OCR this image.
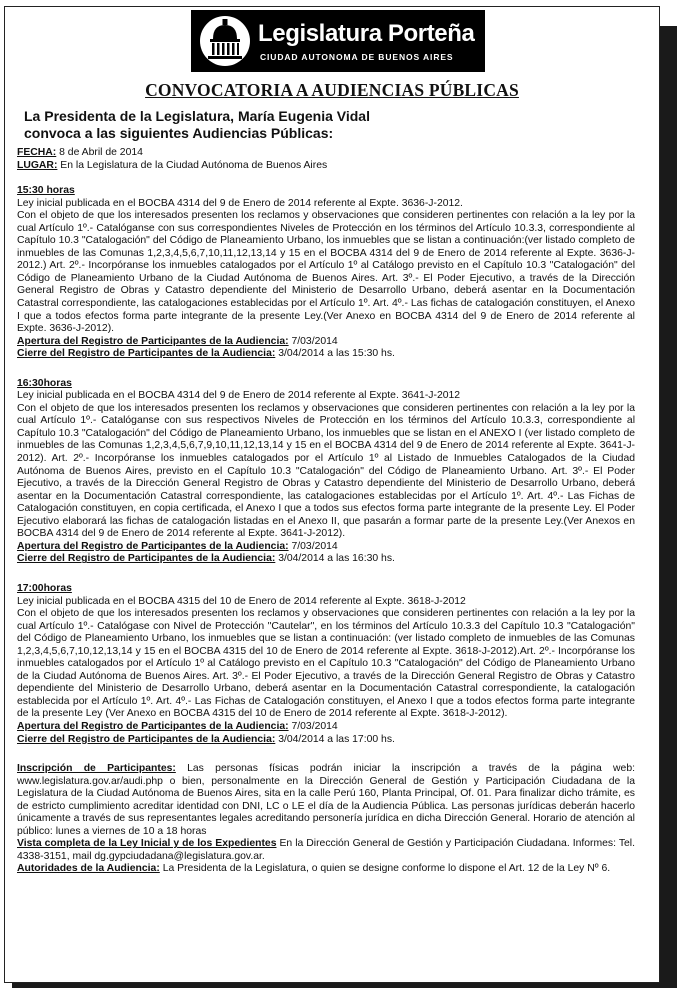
Legislatura Porteña
CIUDAD AUTONOMA DE BUENOS AIRES
CONVOCATORIA A AUDIENCIAS PÚBLICAS
La Presidenta de la Legislatura, María Eugenia Vidal
convoca a las siguientes Audiencias Públicas:

FECHA: 8 de Abril de 2014

LUGAR: En la Legislatura de la Ciudad Autónoma de Buenos Aires

15:30 horas

Ley inicial publicada en el BOCBA 4314 del 9 de Enero de 2014 referente al Expte. 3636-J-2012.

Con el objeto de que los interesados presenten los reclamos y observaciones que consideren pertinentes con relación a la ley por la cual Artículo 1º.- Catalóganse con sus correspondientes Niveles de Protección en los términos del Artículo 10.3.3, correspondiente al Capítulo 10.3 "Catalogación" del Código de Planeamiento Urbano, los inmuebles que se listan a continuación:(ver listado completo de inmuebles de las Comunas 1,2,3,4,5,6,7,10,11,12,13,14 y 15 en el BOCBA 4314 del 9 de Enero de 2014 referente al Expte. 3636-J-2012.) Art. 2º.- Incorpóranse los inmuebles catalogados por el Artículo 1º al Catálogo previsto en el Capítulo 10.3 "Catalogación" del Código de Planeamiento Urbano de la Ciudad Autónoma de Buenos Aires. Art. 3º.- El Poder Ejecutivo, a través de la Dirección General Registro de Obras y Catastro dependiente del Ministerio de Desarrollo Urbano, deberá asentar en la Documentación Catastral correspondiente, las catalogaciones establecidas por el Artículo 1º. Art. 4º.- Las fichas de catalogación constituyen, el Anexo I que a todos efectos forma parte integrante de la presente Ley.(Ver Anexo en BOCBA 4314 del 9 de Enero de 2014 referente al Expte. 3636-J-2012).

Apertura del Registro de Participantes de la Audiencia: 7/03/2014

Cierre del Registro de Participantes de la Audiencia: 3/04/2014 a las 15:30 hs.

16:30horas

Ley inicial publicada en el BOCBA 4314 del 9 de Enero de 2014 referente al Expte. 3641-J-2012

Con el objeto de que los interesados presenten los reclamos y observaciones que consideren pertinentes con relación a la ley por la cual Artículo 1º.- Catalóganse con sus respectivos Niveles de Protección en los términos del Artículo 10.3.3, correspondiente al Capítulo 10.3 "Catalogación" del Código de Planeamiento Urbano, los inmuebles que se listan en el ANEXO I (ver listado completo de inmuebles de las Comunas 1,2,3,4,5,6,7,9,10,11,12,13,14 y 15 en el BOCBA 4314 del 9 de Enero de 2014 referente al Expte. 3641-J-2012). Art. 2º.- Incorpóranse los inmuebles catalogados por el Artículo 1º al Listado de Inmuebles Catalogados de la Ciudad Autónoma de Buenos Aires, previsto en el Capítulo 10.3 "Catalogación" del Código de Planeamiento Urbano. Art. 3º.- El Poder Ejecutivo, a través de la Dirección General Registro de Obras y Catastro dependiente del Ministerio de Desarrollo Urbano, deberá asentar en la Documentación Catastral correspondiente, las catalogaciones establecidas por el Artículo 1º. Art. 4º.- Las Fichas de Catalogación constituyen, en copia certificada, el Anexo I que a todos sus efectos forma parte integrante de la presente Ley. El Poder Ejecutivo elaborará las fichas de catalogación listadas en el Anexo II, que pasarán a formar parte de la presente Ley.(Ver Anexos en BOCBA 4314 del 9 de Enero de 2014 referente al Expte. 3641-J-2012).

Apertura del Registro de Participantes de la Audiencia: 7/03/2014

Cierre del Registro de Participantes de la Audiencia: 3/04/2014 a las 16:30 hs.

17:00horas

Ley inicial publicada en el BOCBA 4315 del 10 de Enero de 2014 referente al Expte. 3618-J-2012

Con el objeto de que los interesados presenten los reclamos y observaciones que consideren pertinentes con relación a la ley por la cual Artículo 1º.- Catalógase con Nivel de Protección "Cautelar", en los términos del Artículo 10.3.3 del Capítulo 10.3 "Catalogación" del Código de Planeamiento Urbano, los inmuebles que se listan a continuación: (ver listado completo de inmuebles de las Comunas 1,2,3,4,5,6,7,10,12,13,14 y 15 en el BOCBA 4315 del 10 de Enero de 2014 referente al Expte. 3618-J-2012).Art. 2º.- Incorpóranse los inmuebles catalogados por el Artículo 1º al Catálogo previsto en el Capítulo 10.3 "Catalogación" del Código de Planeamiento Urbano de la Ciudad Autónoma de Buenos Aires. Art. 3º.- El Poder Ejecutivo, a través de la Dirección General Registro de Obras y Catastro dependiente del Ministerio de Desarrollo Urbano, deberá asentar en la Documentación Catastral correspondiente, la catalogación establecida por el Artículo 1º. Art. 4º.- Las Fichas de Catalogación constituyen, el Anexo I que a todos efectos forma parte integrante de la presente Ley (Ver Anexo en BOCBA 4315 del 10 de Enero de 2014 referente al Expte. 3618-J-2012).

Apertura del Registro de Participantes de la Audiencia: 7/03/2014

Cierre del Registro de Participantes de la Audiencia: 3/04/2014 a las 17:00 hs.

Inscripción de Participantes: Las personas físicas podrán iniciar la inscripción a través de la página web: www.legislatura.gov.ar/audi.php o bien, personalmente en la Dirección General de Gestión y Participación Ciudadana de la Legislatura de la Ciudad Autónoma de Buenos Aires, sita en la calle Perú 160, Planta Principal, Of. 01. Para finalizar dicho trámite, es de estricto cumplimiento acreditar identidad con DNI, LC o LE el día de la Audiencia Pública. Las personas jurídicas deberán hacerlo únicamente a través de sus representantes legales acreditando personería jurídica en dicha Dirección General. Horario de atención al público: lunes a viernes de 10 a 18 horas

Vista completa de la Ley Inicial y de los Expedientes En la Dirección General de Gestión y Participación Ciudadana. Informes: Tel. 4338-3151, mail dg.gypciudadana@legislatura.gov.ar.

Autoridades de la Audiencia: La Presidenta de la Legislatura, o quien se designe conforme lo dispone el Art. 12 de la Ley Nº 6.
